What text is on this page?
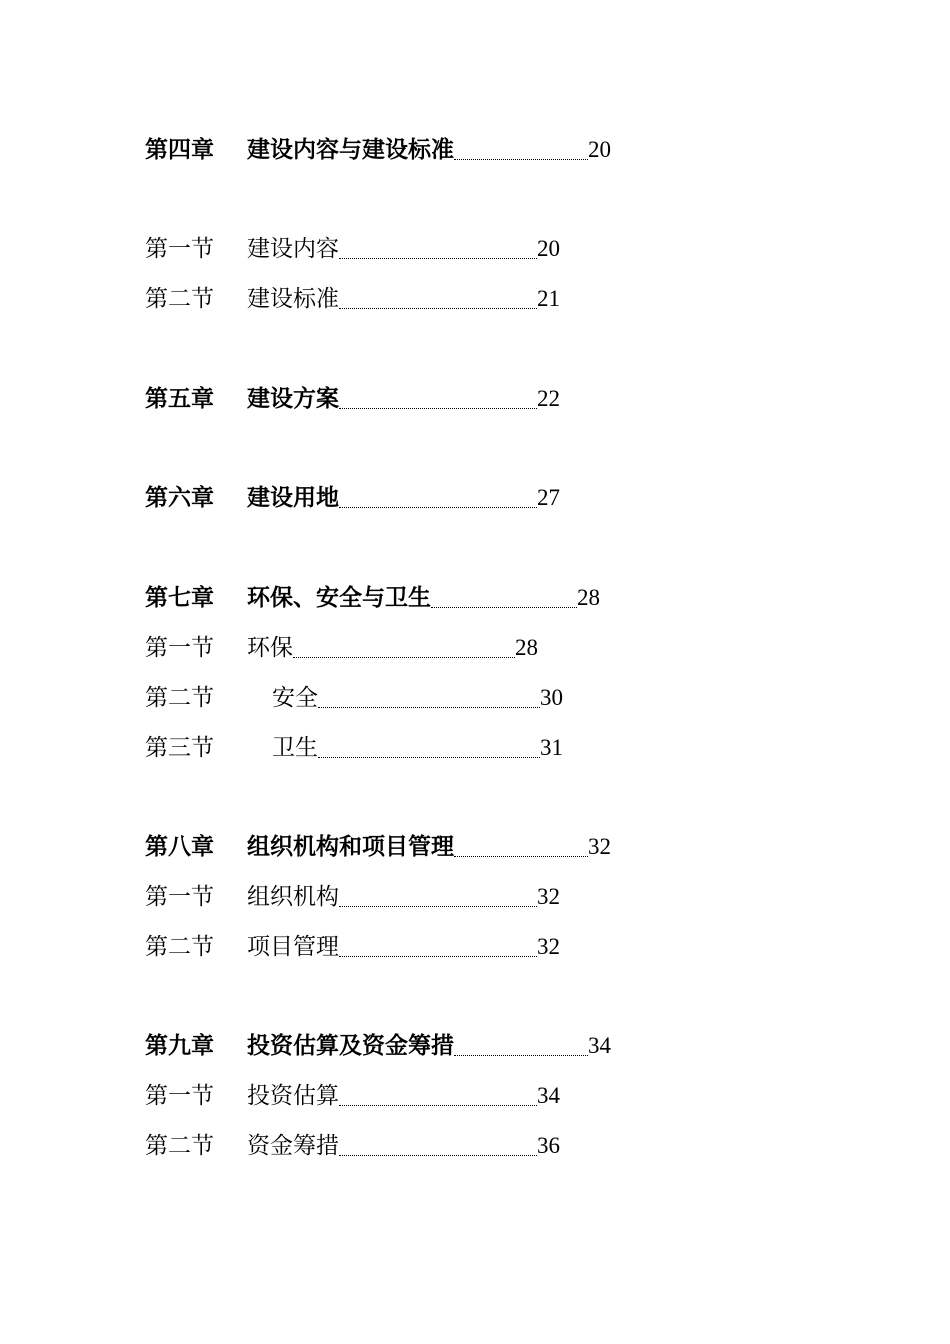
第四章	建设内容与建设标准	20
第一节	建设内容	20
第二节	建设标准	21
第五章	建设方案	22
第六章	建设用地	27
第七章	环保、安全与卫生	28
第一节	环保	28
第二节	安全	30
第三节	卫生	31
第八章	组织机构和项目管理	32
第一节	组织机构	32
第二节	项目管理	32
第九章	投资估算及资金筹措	34
第一节	投资估算	34
第二节	资金筹措	36
